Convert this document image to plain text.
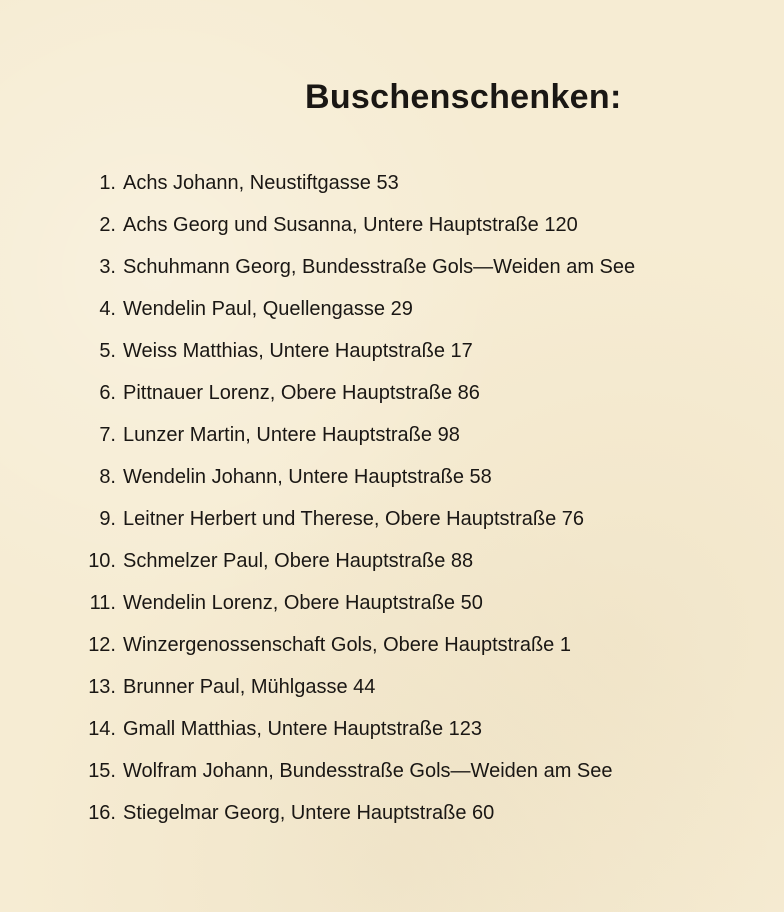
Buschenschenken:
1. Achs Johann, Neustiftgasse 53
2. Achs Georg und Susanna, Untere Hauptstraße 120
3. Schuhmann Georg, Bundesstraße Gols—Weiden am See
4. Wendelin Paul, Quellengasse 29
5. Weiss Matthias, Untere Hauptstraße 17
6. Pittnauer Lorenz, Obere Hauptstraße 86
7. Lunzer Martin, Untere Hauptstraße 98
8. Wendelin Johann, Untere Hauptstraße 58
9. Leitner Herbert und Therese, Obere Hauptstraße 76
10. Schmelzer Paul, Obere Hauptstraße 88
11. Wendelin Lorenz, Obere Hauptstraße 50
12. Winzergenossenschaft Gols, Obere Hauptstraße 1
13. Brunner Paul, Mühlgasse 44
14. Gmall Matthias, Untere Hauptstraße 123
15. Wolfram Johann, Bundesstraße Gols—Weiden am See
16. Stiegelmar Georg, Untere Hauptstraße 60
